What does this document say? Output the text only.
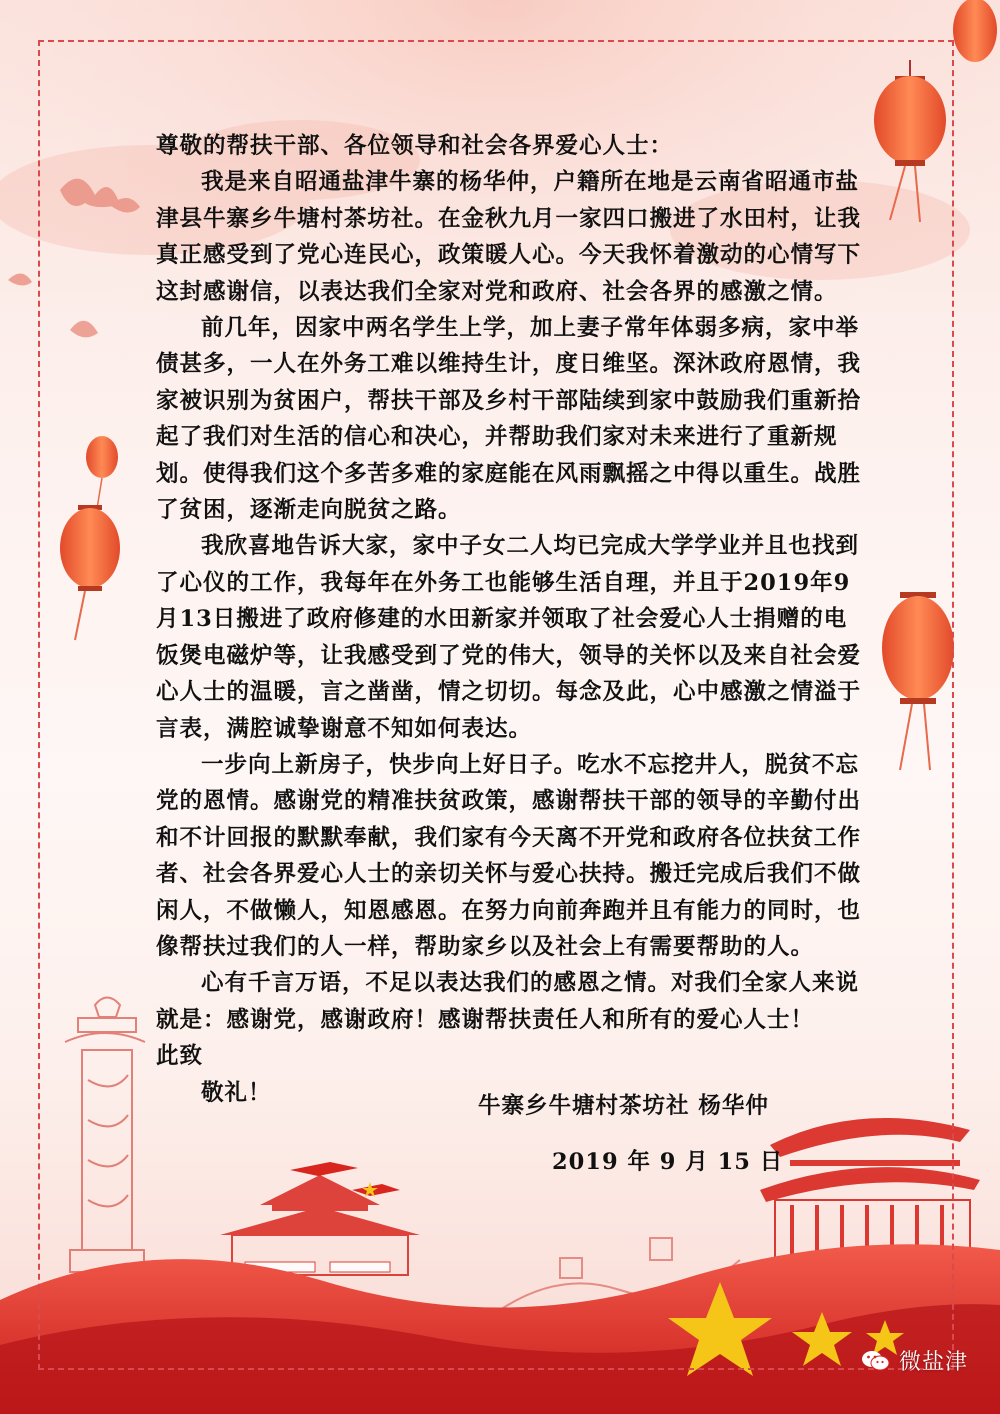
尊敬的帮扶干部、各位领导和社会各界爱心人士：

我是来自昭通盐津牛寨的杨华仲，户籍所在地是云南省昭通市盐津县牛寨乡牛塘村茶坊社。在金秋九月一家四口搬进了水田村，让我真正感受到了党心连民心，政策暖人心。今天我怀着激动的心情写下这封感谢信，以表达我们全家对党和政府、社会各界的感激之情。

前几年，因家中两名学生上学，加上妻子常年体弱多病，家中举债甚多，一人在外务工难以维持生计，度日维坚。深沐政府恩情，我家被识别为贫困户，帮扶干部及乡村干部陆续到家中鼓励我们重新拾起了我们对生活的信心和决心，并帮助我们家对未来进行了重新规划。使得我们这个多苦多难的家庭能在风雨飘摇之中得以重生。战胜了贫困，逐渐走向脱贫之路。

我欣喜地告诉大家，家中子女二人均已完成大学学业并且也找到了心仪的工作，我每年在外务工也能够生活自理，并且于2019年9月13日搬进了政府修建的水田新家并领取了社会爱心人士捐赠的电饭煲电磁炉等，让我感受到了党的伟大，领导的关怀以及来自社会爱心人士的温暖，言之凿凿，情之切切。每念及此，心中感激之情溢于言表，满腔诚挚谢意不知如何表达。

一步向上新房子，快步向上好日子。吃水不忘挖井人，脱贫不忘党的恩情。感谢党的精准扶贫政策，感谢帮扶干部的领导的辛勤付出和不计回报的默默奉献，我们家有今天离不开党和政府各位扶贫工作者、社会各界爱心人士的亲切关怀与爱心扶持。搬迁完成后我们不做闲人，不做懒人，知恩感恩。在努力向前奔跑并且有能力的同时，也像帮扶过我们的人一样，帮助家乡以及社会上有需要帮助的人。

心有千言万语，不足以表达我们的感恩之情。对我们全家人来说就是：感谢党，感谢政府！感谢帮扶责任人和所有的爱心人士！

此致

敬礼！

牛寨乡牛塘村茶坊社 杨华仲
2019 年 9 月 15 日
微盐津
